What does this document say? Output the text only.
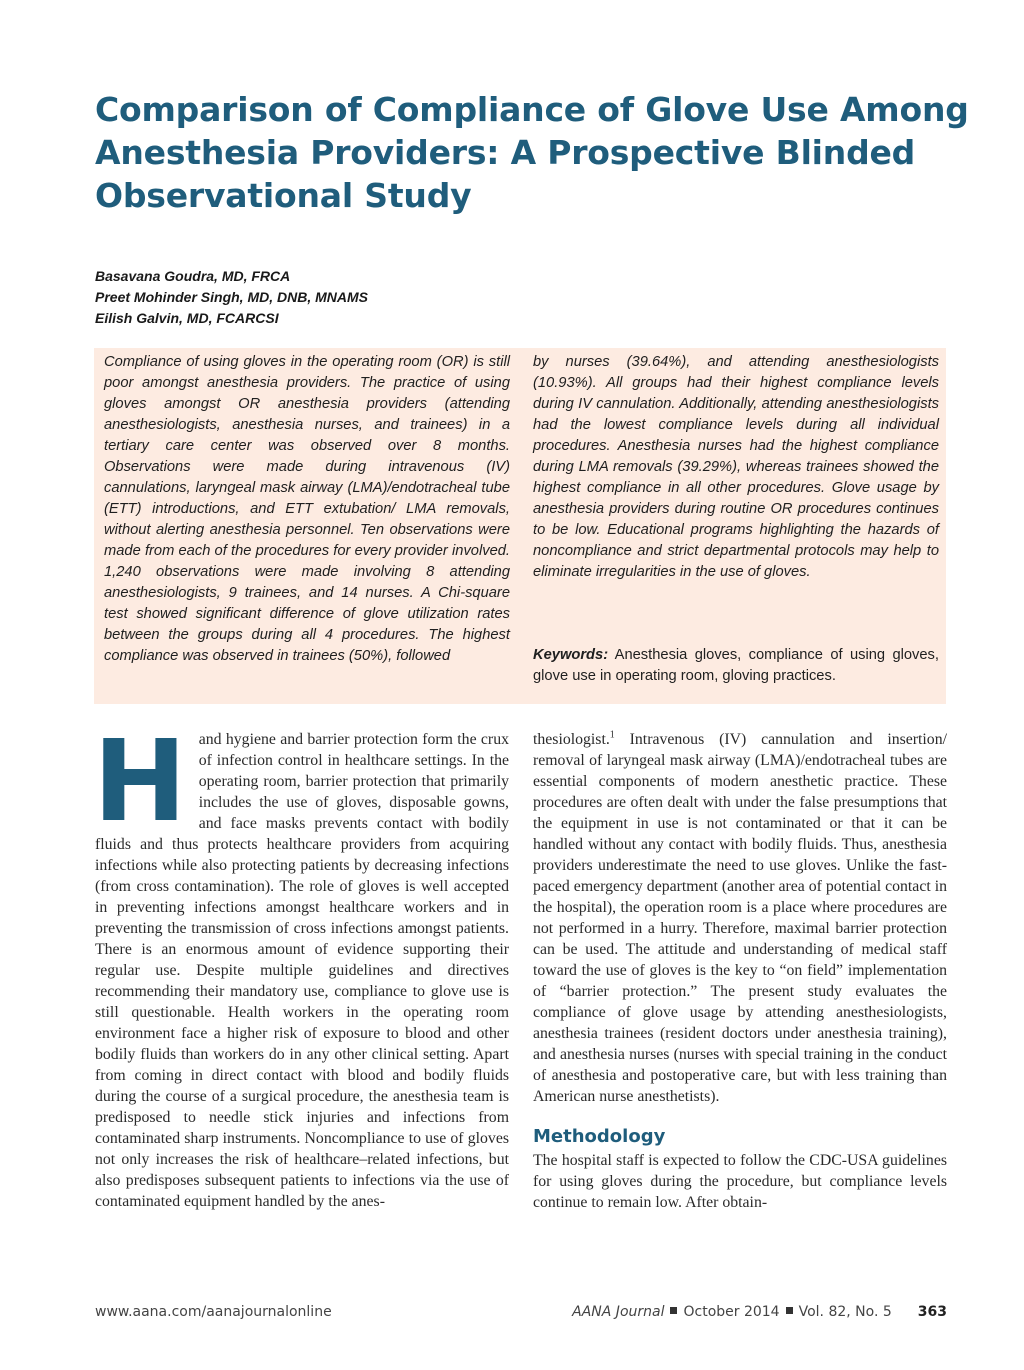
Comparison of Compliance of Glove Use Among Anesthesia Providers: A Prospective Blinded Observational Study
Basavana Goudra, MD, FRCA
Preet Mohinder Singh, MD, DNB, MNAMS
Eilish Galvin, MD, FCARCSI
Compliance of using gloves in the operating room (OR) is still poor amongst anesthesia providers. The practice of using gloves amongst OR anesthesia providers (attending anesthesiologists, anesthesia nurses, and trainees) in a tertiary care center was observed over 8 months. Observations were made during intravenous (IV) cannulations, laryngeal mask airway (LMA)/endotracheal tube (ETT) introductions, and ETT extubation/ LMA removals, without alerting anesthesia personnel. Ten observations were made from each of the procedures for every provider involved. 1,240 observations were made involving 8 attending anesthesiologists, 9 trainees, and 14 nurses. A Chi-square test showed significant difference of glove utilization rates between the groups during all 4 procedures. The highest compliance was observed in trainees (50%), followed
by nurses (39.64%), and attending anesthesiologists (10.93%). All groups had their highest compliance levels during IV cannulation. Additionally, attending anesthesiologists had the lowest compliance levels during all individual procedures. Anesthesia nurses had the highest compliance during LMA removals (39.29%), whereas trainees showed the highest compliance in all other procedures. Glove usage by anesthesia providers during routine OR procedures continues to be low. Educational programs highlighting the hazards of noncompliance and strict departmental protocols may help to eliminate irregularities in the use of gloves.
Keywords: Anesthesia gloves, compliance of using gloves, glove use in operating room, gloving practices.
H and hygiene and barrier protection form the crux of infection control in healthcare settings. In the operating room, barrier protection that primarily includes the use of gloves, disposable gowns, and face masks prevents contact with bodily fluids and thus protects healthcare providers from acquiring infections while also protecting patients by decreasing infections (from cross contamination). The role of gloves is well accepted in preventing infections amongst healthcare workers and in preventing the transmission of cross infections amongst patients. There is an enormous amount of evidence supporting their regular use. Despite multiple guidelines and directives recommending their mandatory use, compliance to glove use is still questionable. Health workers in the operating room environment face a higher risk of exposure to blood and other bodily fluids than workers do in any other clinical setting. Apart from coming in direct contact with blood and bodily fluids during the course of a surgical procedure, the anesthesia team is predisposed to needle stick injuries and infections from contaminated sharp instruments. Noncompliance to use of gloves not only increases the risk of healthcare–related infections, but also predisposes subsequent patients to infections via the use of contaminated equipment handled by the anes-
thesiologist.$^1$ Intravenous (IV) cannulation and insertion/ removal of laryngeal mask airway (LMA)/endotracheal tubes are essential components of modern anesthetic practice. These procedures are often dealt with under the false presumptions that the equipment in use is not contaminated or that it can be handled without any contact with bodily fluids. Thus, anesthesia providers underestimate the need to use gloves. Unlike the fast-paced emergency department (another area of potential contact in the hospital), the operation room is a place where procedures are not performed in a hurry. Therefore, maximal barrier protection can be used. The attitude and understanding of medical staff toward the use of gloves is the key to “on field” implementation of “barrier protection.” The present study evaluates the compliance of glove usage by attending anesthesiologists, anesthesia trainees (resident doctors under anesthesia training), and anesthesia nurses (nurses with special training in the conduct of anesthesia and postoperative care, but with less training than American nurse anesthetists).
Methodology
The hospital staff is expected to follow the CDC-USA guidelines for using gloves during the procedure, but compliance levels continue to remain low. After obtain-
www.aana.com/aanajournalonline	AANA Journal October 2014 Vol. 82, No. 5 363
